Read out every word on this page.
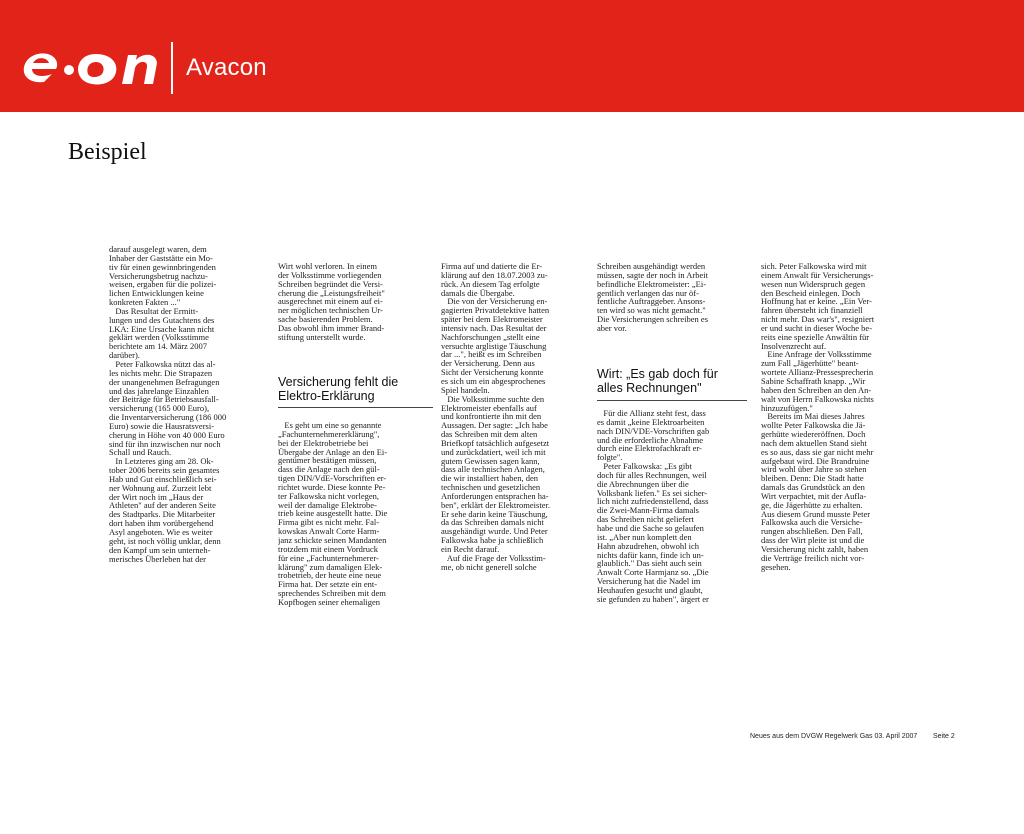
Avacon
Beispiel
darauf ausgelegt waren, dem
Inhaber der Gaststätte ein Mo-
tiv für einen gewinnbringenden
Versicherungsbetrug nachzu-
weisen, ergaben für die polizei-
lichen Entwicklungen keine
konkreten Fakten ..."
Das Resultat der Ermitt-
lungen und des Gutachtens des
LKA: Eine Ursache kann nicht
geklärt werden (Volksstimme
berichtete am 14. März 2007
darüber).
Peter Falkowska nützt das al-
les nichts mehr. Die Strapazen
der unangenehmen Befragungen
und das jahrelange Einzahlen
der Beiträge für Betriebsausfall-
versicherung (165 000 Euro),
die Inventarversicherung (186 000
Euro) sowie die Hausratsversi-
cherung in Höhe von 40 000 Euro
sind für ihn inzwischen nur noch
Schall und Rauch.
In Letzteres ging am 28. Ok-
tober 2006 bereits sein gesamtes
Hab und Gut einschließlich sei-
ner Wohnung auf. Zurzeit lebt
der Wirt noch im „Haus der
Athleten" auf der anderen Seite
des Stadtparks. Die Mitarbeiter
dort haben ihm vorübergehend
Asyl angeboten. Wie es weiter
geht, ist noch völlig unklar, denn
den Kampf um sein unterneh-
merisches Überleben hat der
Wirt wohl verloren. In einem
der Volksstimme vorliegenden
Schreiben begründet die Versi-
cherung die „Leistungsfreiheit"
ausgerechnet mit einem auf ei-
ner möglichen technischen Ur-
sache basierenden Problem.
Das obwohl ihm immer Brand-
stiftung unterstellt wurde.
Versicherung fehlt die
Elektro-Erklärung
Es geht um eine so genannte
„Fachunternehmererklärung",
bei der Elektrobetriebe bei
Übergabe der Anlage an den Ei-
gentümer bestätigen müssen,
dass die Anlage nach den gül-
tigen DIN/VdE-Vorschriften er-
richtet wurde. Diese konnte Pe-
ter Falkowska nicht vorlegen,
weil der damalige Elektrobe-
trieb keine ausgestellt hatte. Die
Firma gibt es nicht mehr. Fal-
kowskas Anwalt Corte Harm-
janz schickte seinen Mandanten
trotzdem mit einem Vordruck
für eine „Fachunternehmerer-
klärung" zum damaligen Elek-
trobetrieb, der heute eine neue
Firma hat. Der setzte ein ent-
sprechendes Schreiben mit dem
Kopfbogen seiner ehemaligen
Firma auf und datierte die Er-
klärung auf den 18.07.2003 zu-
rück. An diesem Tag erfolgte
damals die Übergabe.
Die von der Versicherung en-
gagierten Privatdetektive hatten
später bei dem Elektromeister
intensiv nach. Das Resultat der
Nachforschungen „stellt eine
versuchte arglistige Täuschung
dar ...", heißt es im Schreiben
der Versicherung. Denn aus
Sicht der Versicherung konnte
es sich um ein abgesprochenes
Spiel handeln.
Die Volksstimme suchte den
Elektromeister ebenfalls auf
und konfrontierte ihn mit den
Aussagen. Der sagte: „Ich habe
das Schreiben mit dem alten
Briefkopf tatsächlich aufgesetzt
und zurückdatiert, weil ich mit
gutem Gewissen sagen kann,
dass alle technischen Anlagen,
die wir installiert haben, den
technischen und gesetzlichen
Anforderungen entsprachen ha-
ben", erklärt der Elektromeister.
Er sehe darin keine Täuschung,
da das Schreiben damals nicht
ausgehändigt wurde. Und Peter
Falkowska habe ja schließlich
ein Recht darauf.
Auf die Frage der Volksstim-
me, ob nicht generell solche
Schreiben ausgehändigt werden
müssen, sagte der noch in Arbeit
befindliche Elektromeister: „Ei-
gentlich verlangen das nur öf-
fentliche Auftraggeber. Ansons-
ten wird so was nicht gemacht."
Die Versicherungen schreiben es
aber vor.
Wirt: „Es gab doch für
alles Rechnungen"
Für die Allianz steht fest, dass
es damit „keine Elektroarbeiten
nach DIN/VDE-Vorschriften gab
und die erforderliche Abnahme
durch eine Elektrofachkraft er-
folgte".
Peter Falkowska: „Es gibt
doch für alles Rechnungen, weil
die Abrechnungen über die
Volksbank liefen." Es sei sicher-
lich nicht zufriedenstellend, dass
die Zwei-Mann-Firma damals
das Schreiben nicht geliefert
habe und die Sache so gelaufen
ist. „Aber nun komplett den
Hahn abzudrehen, obwohl ich
nichts dafür kann, finde ich un-
glaublich." Das sieht auch sein
Anwalt Corte Harmjanz so. „Die
Versicherung hat die Nadel im
Heuhaufen gesucht und glaubt,
sie gefunden zu haben", ärgert er
sich. Peter Falkowska wird mit
einem Anwalt für Versicherungs-
wesen nun Widerspruch gegen
den Bescheid einlegen. Doch
Hoffnung hat er keine. „Ein Ver-
fahren übersteht ich finanziell
nicht mehr. Das war's", resigniert
er und sucht in dieser Woche be-
reits eine spezielle Anwältin für
Insolvenzrecht auf.
Eine Anfrage der Volksstimme
zum Fall „Jägerhütte" beant-
wortete Allianz-Pressesprecherin
Sabine Schaffrath knapp. „Wir
haben den Schreiben an den An-
walt von Herrn Falkowska nichts
hinzuzufügen."
Bereits im Mai dieses Jahres
wollte Peter Falkowska die Jä-
gerhütte wiedereröffnen. Doch
nach dem aktuellen Stand sieht
es so aus, dass sie gar nicht mehr
aufgebaut wird. Die Brandruine
wird wohl über Jahre so stehen
bleiben. Denn: Die Stadt hatte
damals das Grundstück an den
Wirt verpachtet, mit der Aufla-
ge, die Jägerhütte zu erhalten.
Aus diesem Grund musste Peter
Falkowska auch die Versiche-
rungen abschließen. Den Fall,
dass der Wirt pleite ist und die
Versicherung nicht zahlt, haben
die Verträge freilich nicht vor-
gesehen.
Neues aus dem DVGW Regelwerk Gas 03. April 2007 Seite 2
